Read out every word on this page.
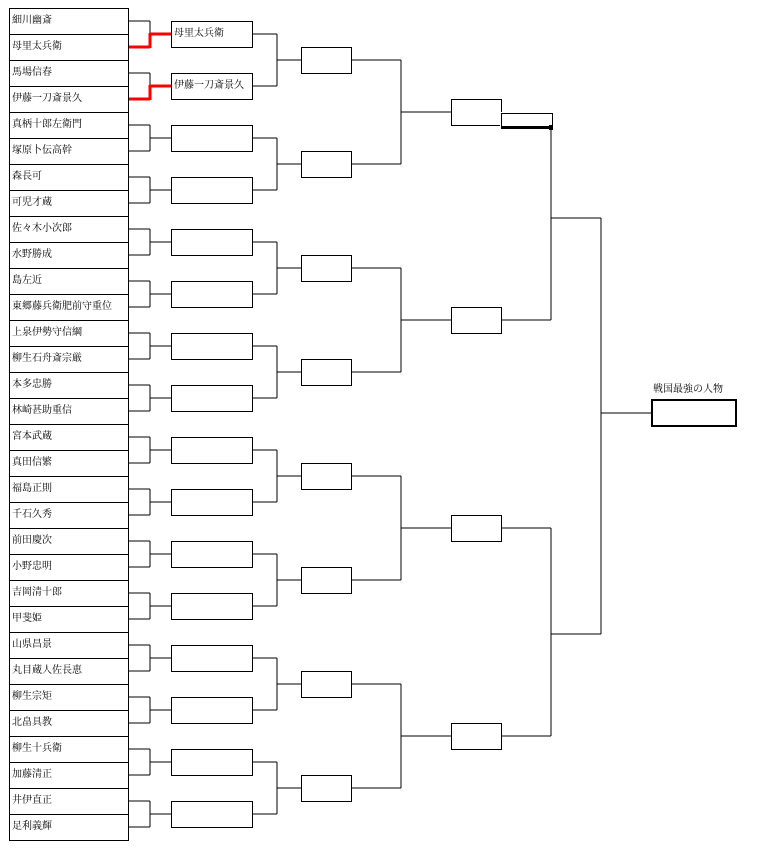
細川幽斎
母里太兵衛
馬場信春
伊藤一刀斎景久
真柄十郎左衛門
塚原卜伝高幹
森長可
可児才蔵
佐々木小次郎
水野勝成
島左近
東郷藤兵衛肥前守重位
上泉伊勢守信綱
柳生石舟斎宗厳
本多忠勝
林崎甚助重信
宮本武蔵
真田信繁
福島正則
千石久秀
前田慶次
小野忠明
吉岡清十郎
甲斐姫
山県昌景
丸目蔵人佐長恵
柳生宗矩
北畠具教
柳生十兵衛
加藤清正
井伊直正
足利義輝
母里太兵衛
伊藤一刀斎景久
戦国最強の人物
